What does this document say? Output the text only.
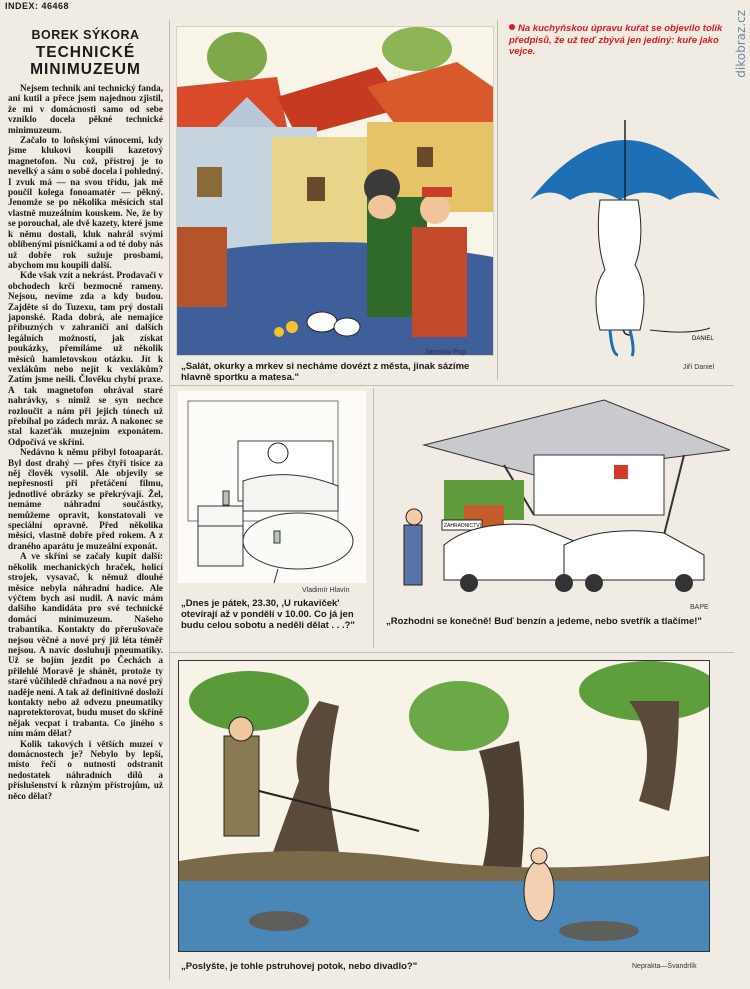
INDEX: 46468
dikobraz.cz
BOREK SÝKORA
TECHNICKÉ MINIMUZEUM

Nejsem technik ani technický fanda, ani kutil a přece jsem najednou zjistil, že mi v domácnosti samo od sebe vzniklo docela pěkné technické minimuzeum.

Začalo to loňskými vánocemi, kdy jsme klukovi koupili kazetový magnetofon. Nu což, přístroj je to nevelký a sám o sobě docela i pohledný. I zvuk má — na svou třídu, jak mě poučil kolega fonoamatér — pěkný. Jenomže se po několika měsících stal vlastně muzeálním kouskem. Ne, že by se porouchal, ale dvě kazety, které jsme k němu dostali, kluk nahrál svými oblíbenými písničkami a od té doby nás už dobře rok sužuje prosbami, abychom mu koupili další.

Kde však vzít a nekrást. Prodavači v obchodech krčí bezmocně rameny. Nejsou, nevíme zda a kdy budou. Zajděte si do Tuzexu, tam prý dostali japonské. Rada dobrá, ale nemajíce příbuzných v zahraničí ani dalších legálních možností, jak získat poukázky, přemíláme už několik měsíců hamletovskou otázku. Jít k vexlákům nebo nejít k vexlákům? Zatím jsme nešli. Člověku chybí praxe. A tak magnetofon ohrával staré nahrávky, s nimiž se syn nechce rozloučit a nám při jejich tónech už přebíhal po zádech mráz. A nakonec se stal kazeťák muzejním exponátem. Odpočívá ve skříni.

Nedávno k němu přibyl fotoaparát. Byl dost drahý — přes čtyři tisíce za něj člověk vysolil. Ale objevily se nepřesnosti při přetáčení filmu, jednotlivé obrázky se překrývají. Žel, nemáme náhradní součástky, nemůžeme opravit, konstatovali ve speciální opravně. Před několika měsíci, vlastně dobře před rokem. A z draného aparátu je muzeální exponát.

A ve skříni se začaly kupit další: několik mechanických hraček, holicí strojek, vysavač, k němuž dlouhé měsíce nebyla náhradní hadice. Ale výčtem bych asi nudil. A navíc mám dalšího kandidáta pro své technické domácí minimuzeum. Našeho trabantíka. Kontakty do přerušovače nejsou věčné a nové prý již léta téměř nejsou. A navíc dosluhují pneumatiky. Už se bojím jezdit po Čechách a přilehlé Moravě je shánět, protože ty staré vůčihledě chřadnou a na nové prý naděje není. A tak až definitivně dosloží kontakty nebo až odvezu pneumatiky naprotektorovat, budu muset do skříně nějak vecpat i trabanta. Co jiného s ním mám dělat?

Kolik takových i větších muzeí v domácnostech je? Nebylo by lepší, místo řečí o nutnosti odstranit nedostatek náhradních dílů a příslušenství k různým přístrojům, už něco dělat?

„Salát, okurky a mrkev si necháme dovézt z města, jinak sázíme hlavně sportku a matesa."
Jaroslav Pop
Na kuchyňskou úpravu kuřat se objevilo tolik předpisů, že už teď zbývá jen jediný: kuře jako vejce.
DANIEL
Jiří Daniel
Vladimír Hlavín
„Dnes je pátek, 23.30, ,U rukaviček' otevírají až v pondělí v 10.00. Co já jen budu celou sobotu a neděli dělat . . .?"
ZAHRADNICTVÍ
BAPE
„Rozhodni se konečně! Buď benzín a jedeme, nebo svetřík a tlačíme!"
„Poslyšte, je tohle pstruhovej potok, nebo divadlo?"	Neprakta—Švandrlík
